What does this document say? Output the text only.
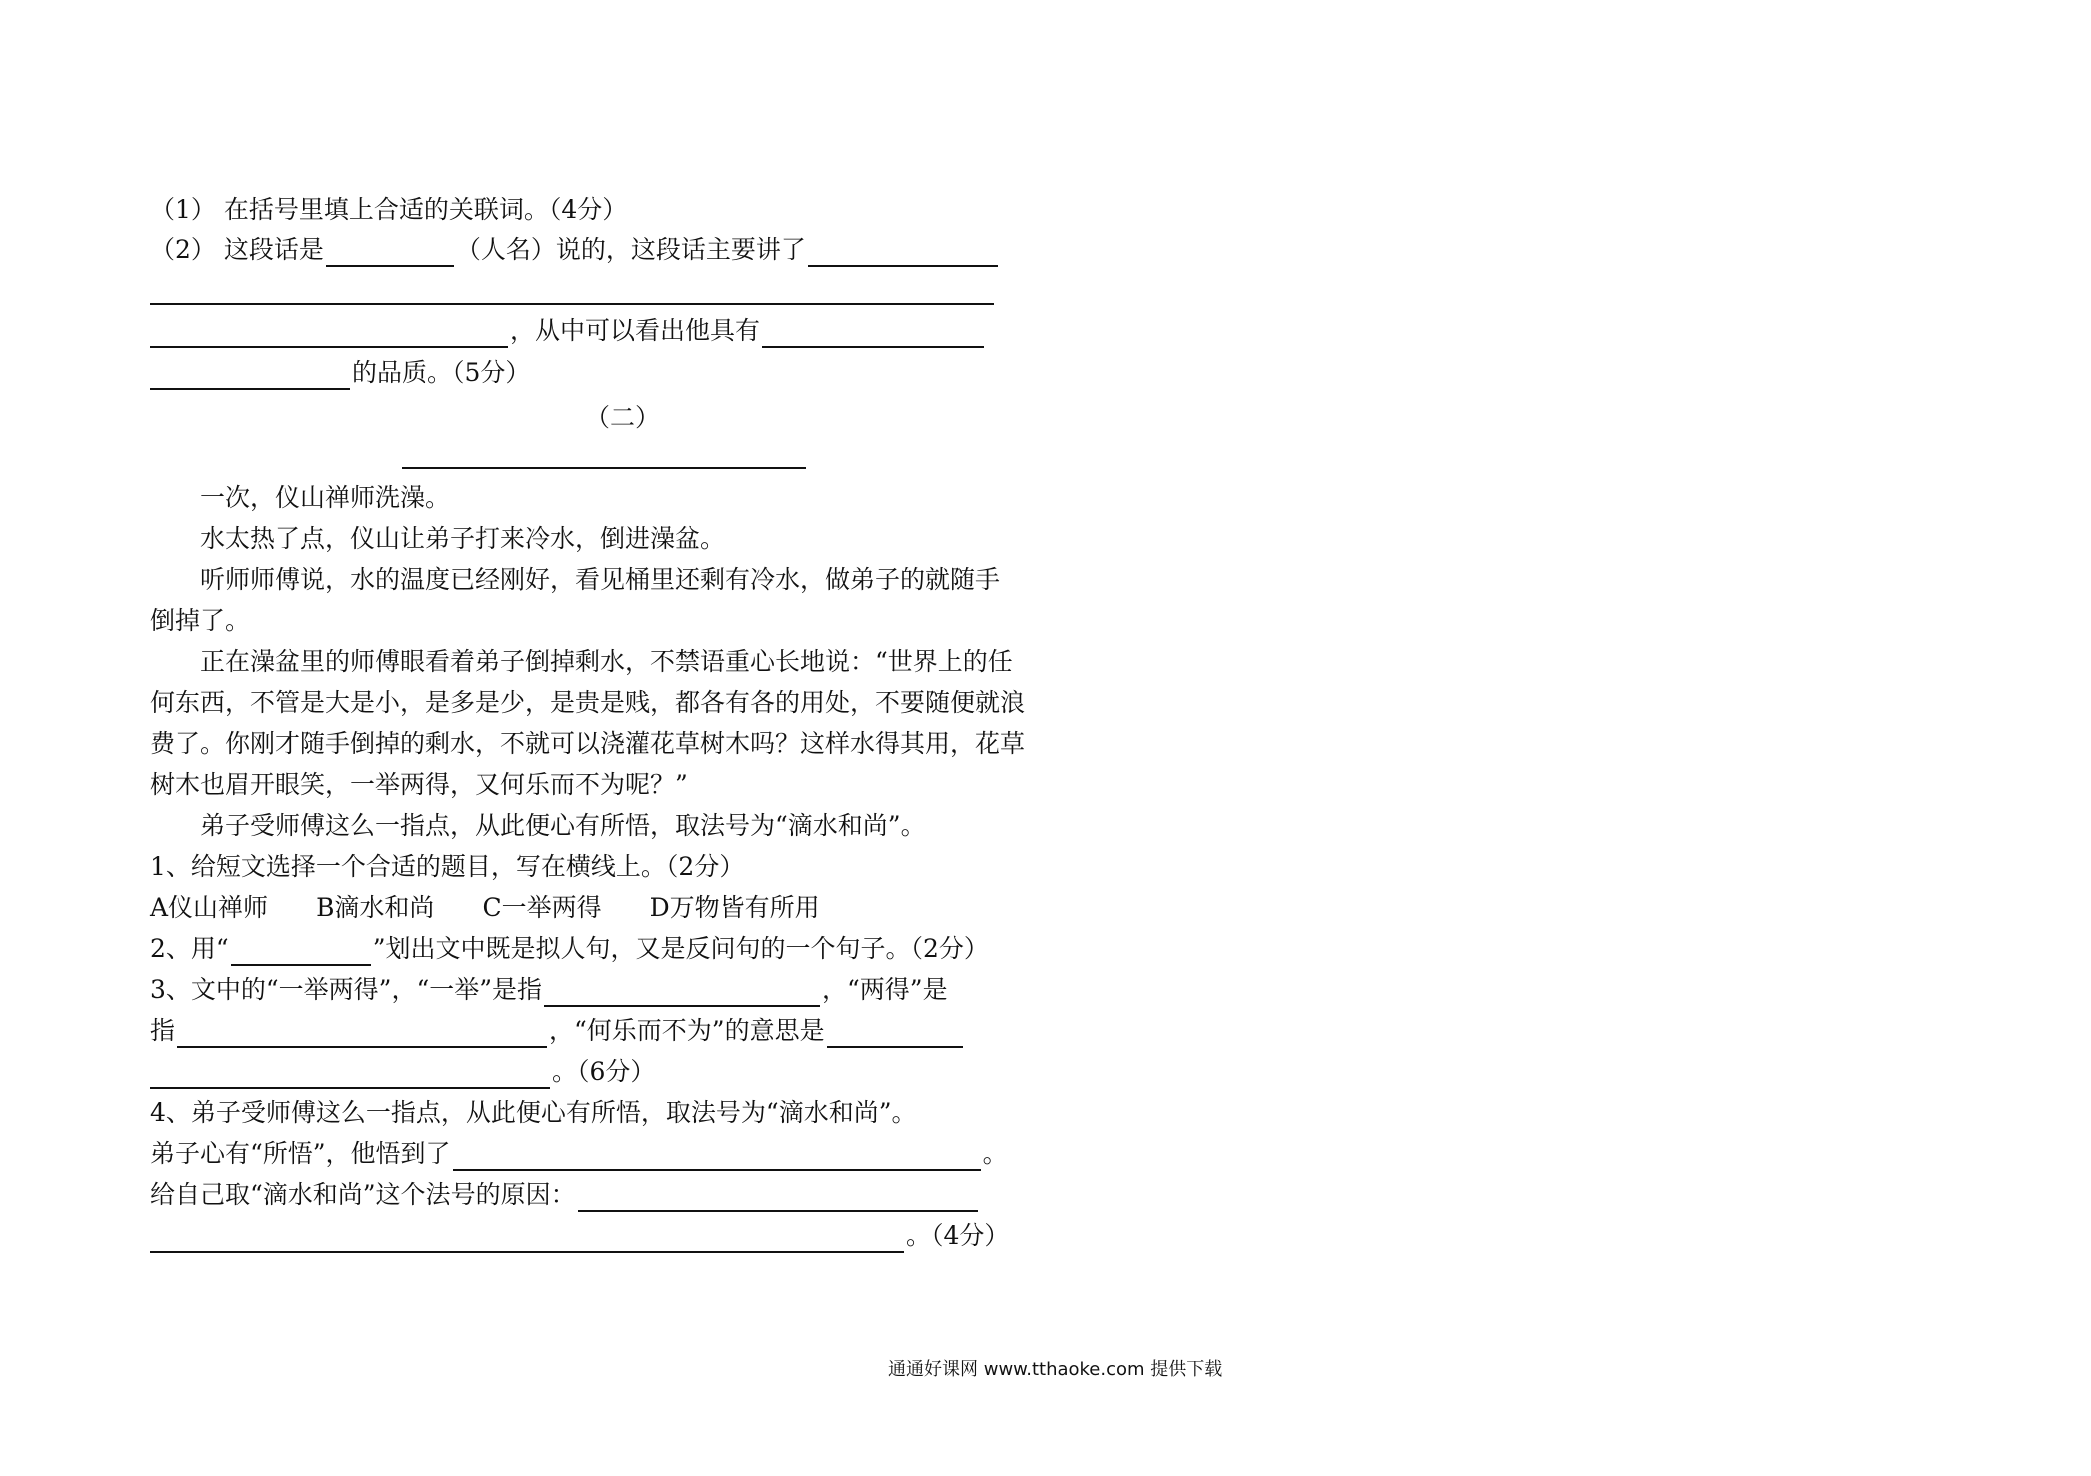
（1） 在括号里填上合适的关联词。（4分）
（2） 这段话是	（人名）说的，这段话主要讲了
，从中可以看出他具有
的品质。（5分）
（二）
一次，仪山禅师洗澡。
水太热了点，仪山让弟子打来冷水，倒进澡盆。
听师师傅说，水的温度已经刚好，看见桶里还剩有冷水，做弟子的就随手
倒掉了。
正在澡盆里的师傅眼看着弟子倒掉剩水，不禁语重心长地说：“世界上的任
何东西，不管是大是小，是多是少，是贵是贱，都各有各的用处，不要随便就浪
费了。你刚才随手倒掉的剩水，不就可以浇灌花草树木吗？这样水得其用，花草
树木也眉开眼笑，一举两得，又何乐而不为呢？”
弟子受师傅这么一指点，从此便心有所悟，取法号为“滴水和尚”。
1、给短文选择一个合适的题目，写在横线上。（2分）
A仪山禅师 B滴水和尚 C一举两得 D万物皆有所用
2、用“	”划出文中既是拟人句，又是反问句的一个句子。（2分）
3、文中的“一举两得”，“一举”是指	，“两得”是
指	，“何乐而不为”的意思是
。（6分）
4、弟子受师傅这么一指点，从此便心有所悟，取法号为“滴水和尚”。
弟子心有“所悟”，他悟到了	。
给自己取“滴水和尚”这个法号的原因：
。（4分）
通通好课网 www.tthaoke.com 提供下载
